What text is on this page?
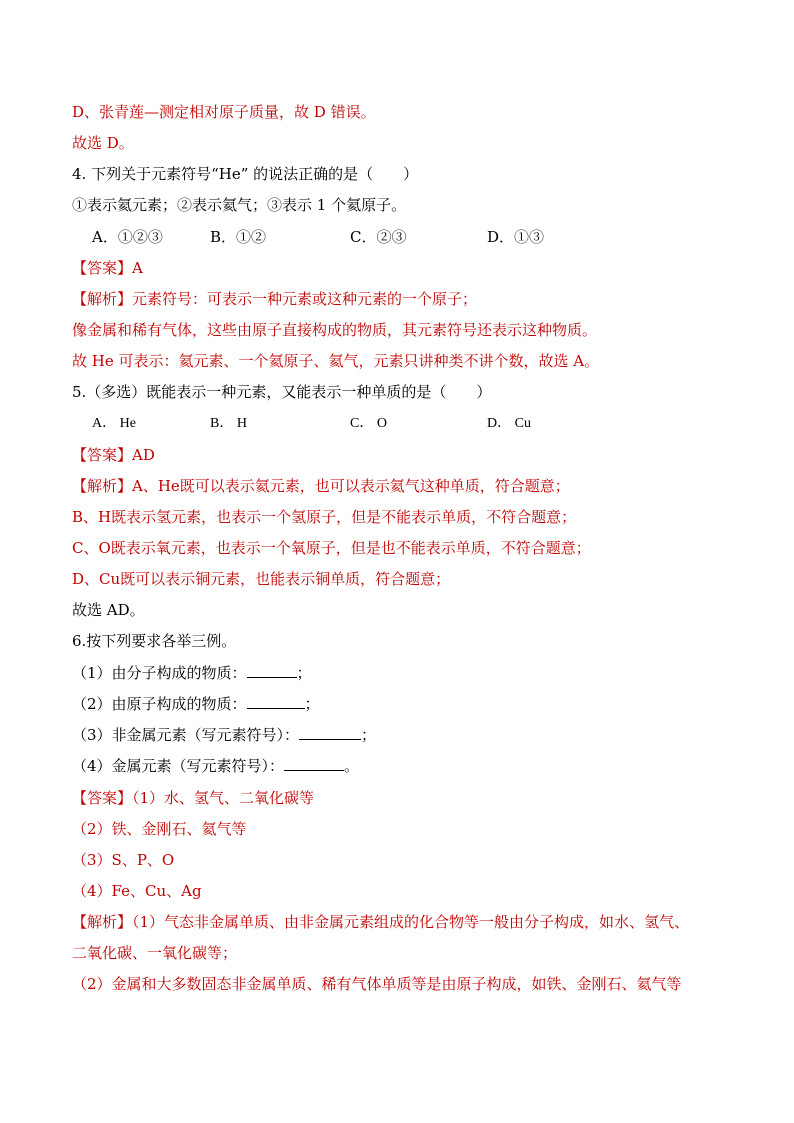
D、张青莲—测定相对原子质量，故 D 错误。
故选 D。
4. 下列关于元素符号“He” 的说法正确的是（　　）
①表示氦元素；②表示氦气；③表示 1 个氦原子。
A．①②③	B．①②	C．②③	D．①③
【答案】A
【解析】元素符号：可表示一种元素或这种元素的一个原子；
像金属和稀有气体，这些由原子直接构成的物质，其元素符号还表示这种物质。
故 He 可表示：氦元素、一个氦原子、氦气，元素只讲种类不讲个数，故选 A。
5.（多选）既能表示一种元素，又能表示一种单质的是（　　）
A． He	B． H	C． O	D． Cu
【答案】AD
【解析】A、He既可以表示氦元素，也可以表示氦气这种单质，符合题意；
B、H既表示氢元素，也表示一个氢原子，但是不能表示单质，不符合题意；
C、O既表示氧元素，也表示一个氧原子，但是也不能表示单质，不符合题意；
D、Cu既可以表示铜元素，也能表示铜单质，符合题意；
故选 AD。
6.按下列要求各举三例。
（1）由分子构成的物质：	；
（2）由原子构成的物质：	；
（3）非金属元素（写元素符号）：	；
（4）金属元素（写元素符号）：	。
【答案】（1）水、氢气、二氧化碳等
（2）铁、金刚石、氦气等
（3）S、P、O
（4）Fe、Cu、Ag
【解析】（1）气态非金属单质、由非金属元素组成的化合物等一般由分子构成，如水、氢气、
二氧化碳、一氧化碳等；
（2）金属和大多数固态非金属单质、稀有气体单质等是由原子构成，如铁、金刚石、氦气等
